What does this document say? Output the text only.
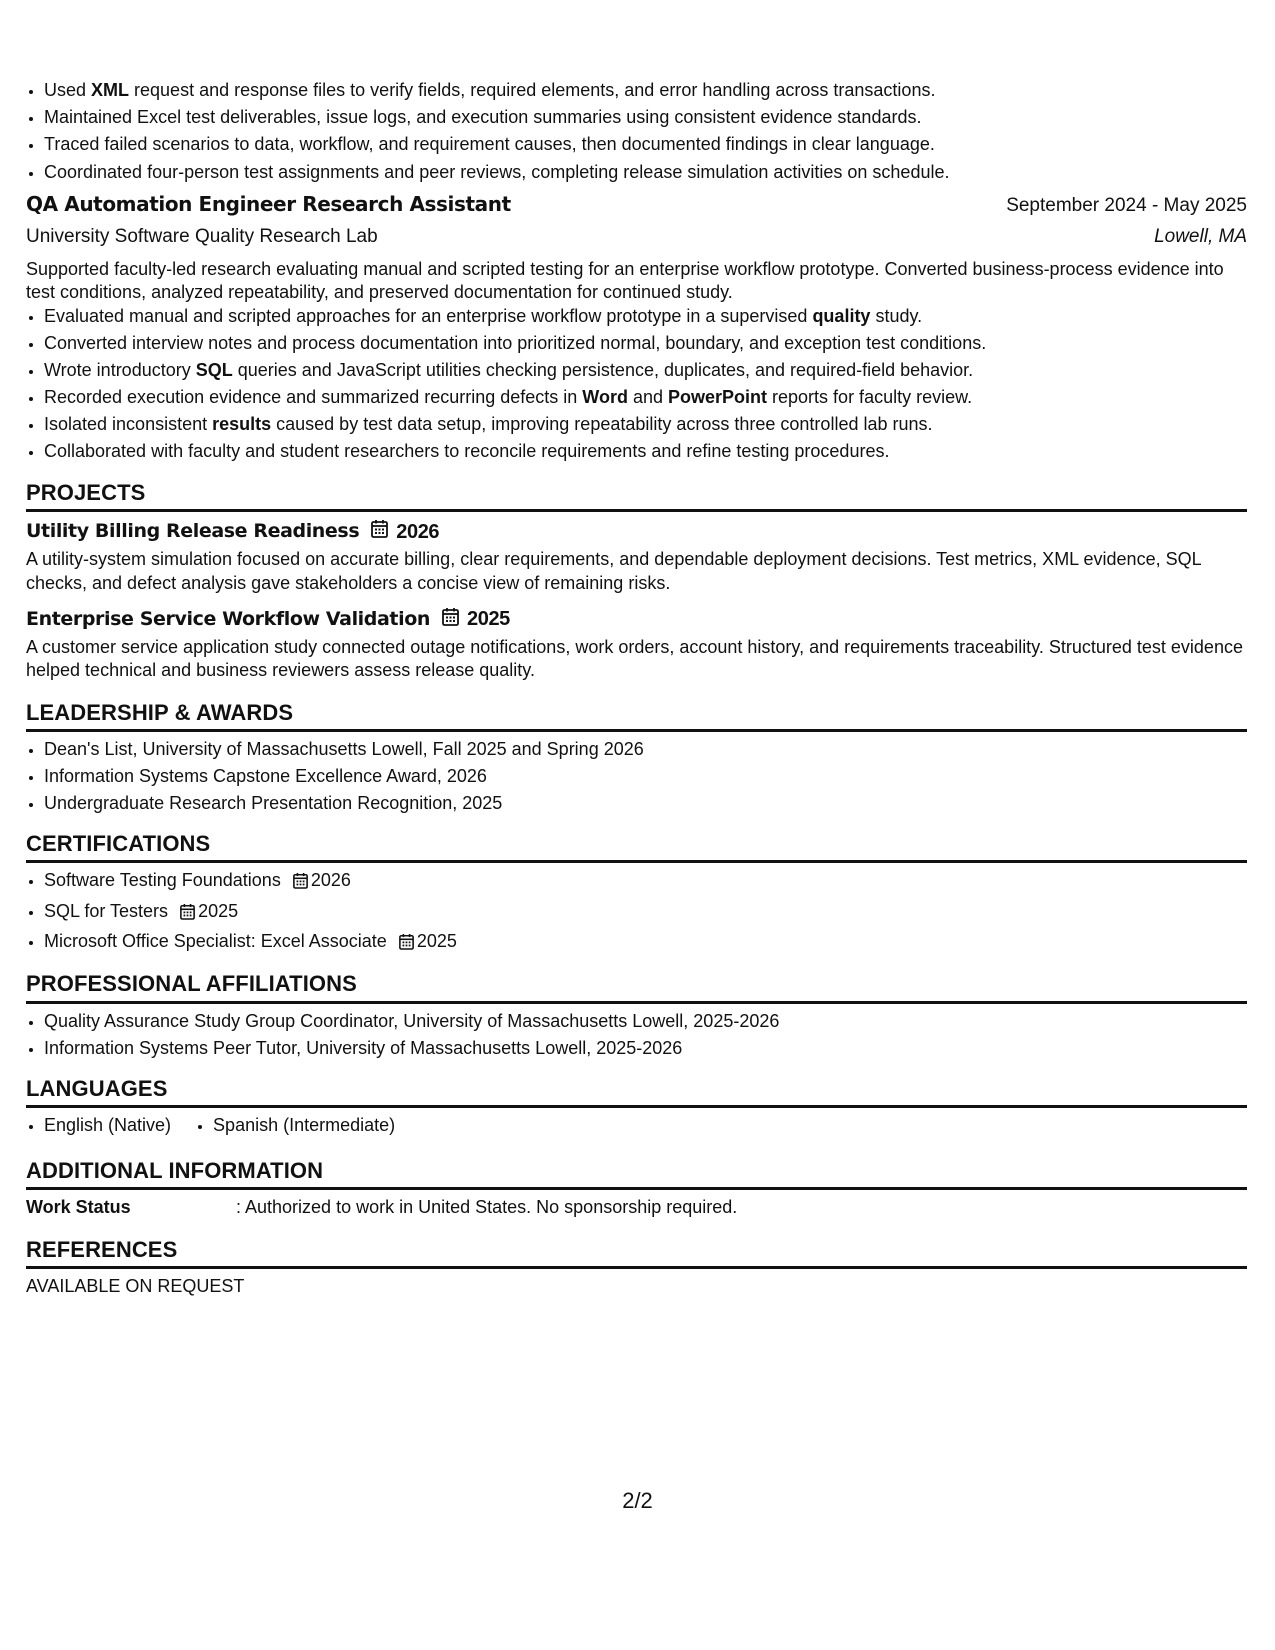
• Used XML request and response files to verify fields, required elements, and error handling across transactions.
• Maintained Excel test deliverables, issue logs, and execution summaries using consistent evidence standards.
• Traced failed scenarios to data, workflow, and requirement causes, then documented findings in clear language.
• Coordinated four-person test assignments and peer reviews, completing release simulation activities on schedule.
QA Automation Engineer Research Assistant	September 2024 - May 2025
University Software Quality Research Lab	Lowell, MA
Supported faculty-led research evaluating manual and scripted testing for an enterprise workflow prototype. Converted business-process evidence into test conditions, analyzed repeatability, and preserved documentation for continued study.
• Evaluated manual and scripted approaches for an enterprise workflow prototype in a supervised quality study.
• Converted interview notes and process documentation into prioritized normal, boundary, and exception test conditions.
• Wrote introductory SQL queries and JavaScript utilities checking persistence, duplicates, and required-field behavior.
• Recorded execution evidence and summarized recurring defects in Word and PowerPoint reports for faculty review.
• Isolated inconsistent results caused by test data setup, improving repeatability across three controlled lab runs.
• Collaborated with faculty and student researchers to reconcile requirements and refine testing procedures.
PROJECTS
Utility Billing Release Readiness 2026
A utility-system simulation focused on accurate billing, clear requirements, and dependable deployment decisions. Test metrics, XML evidence, SQL checks, and defect analysis gave stakeholders a concise view of remaining risks.
Enterprise Service Workflow Validation 2025
A customer service application study connected outage notifications, work orders, account history, and requirements traceability. Structured test evidence helped technical and business reviewers assess release quality.
LEADERSHIP & AWARDS
• Dean's List, University of Massachusetts Lowell, Fall 2025 and Spring 2026
• Information Systems Capstone Excellence Award, 2026
• Undergraduate Research Presentation Recognition, 2025
CERTIFICATIONS
• Software Testing Foundations 2026
• SQL for Testers 2025
• Microsoft Office Specialist: Excel Associate 2025
PROFESSIONAL AFFILIATIONS
• Quality Assurance Study Group Coordinator, University of Massachusetts Lowell, 2025-2026
• Information Systems Peer Tutor, University of Massachusetts Lowell, 2025-2026
LANGUAGES
• English (Native)
• Spanish (Intermediate)
ADDITIONAL INFORMATION
Work Status	: Authorized to work in United States. No sponsorship required.
REFERENCES
AVAILABLE ON REQUEST
2/2
